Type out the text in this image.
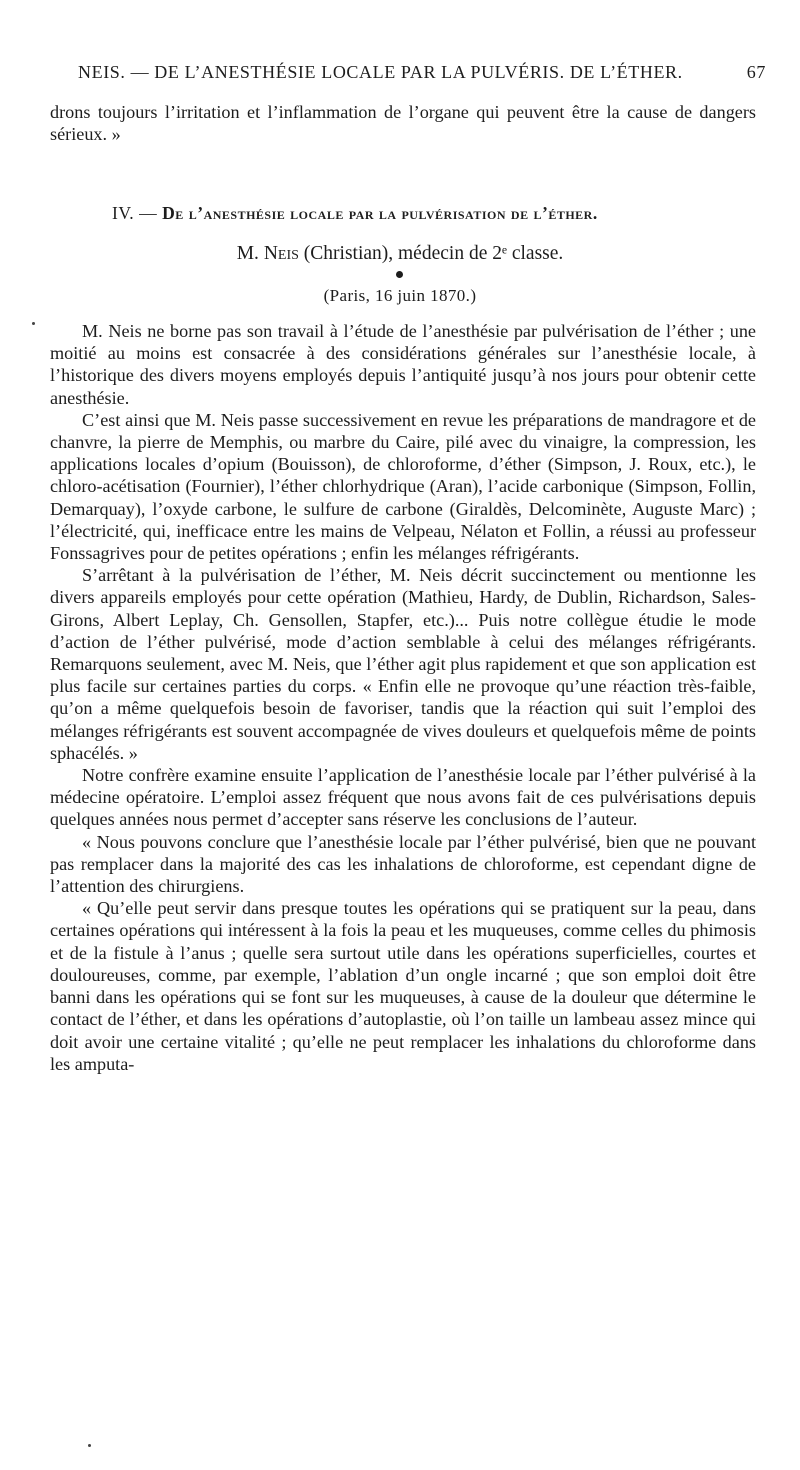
NEIS. — DE L’ANESTHÉSIE LOCALE PAR LA PULVÉRIS. DE L’ÉTHER.	67

drons toujours l’irritation et l’inflammation de l’organe qui peuvent être la cause de dangers sérieux. »

IV. — De l’anesthésie locale par la pulvérisation de l’éther.
M. Neis (Christian), médecin de 2ᵉ classe.
(Paris, 16 juin 1870.)

M. Neis ne borne pas son travail à l’étude de l’anesthésie par pulvérisation de l’éther ; une moitié au moins est consacrée à des considérations générales sur l’anesthésie locale, à l’historique des divers moyens employés depuis l’antiquité jusqu’à nos jours pour obtenir cette anesthésie.

C’est ainsi que M. Neis passe successivement en revue les préparations de mandragore et de chanvre, la pierre de Memphis, ou marbre du Caire, pilé avec du vinaigre, la compression, les applications locales d’opium (Bouisson), de chloroforme, d’éther (Simpson, J. Roux, etc.), le chloro-acétisation (Fournier), l’éther chlorhydrique (Aran), l’acide carbonique (Simpson, Follin, Demarquay), l’oxyde carbone, le sulfure de carbone (Giraldès, Delcominète, Auguste Marc) ; l’électricité, qui, inefficace entre les mains de Velpeau, Nélaton et Follin, a réussi au professeur Fonssagrives pour de petites opérations ; enfin les mélanges réfrigérants.

S’arrêtant à la pulvérisation de l’éther, M. Neis décrit succinctement ou mentionne les divers appareils employés pour cette opération (Mathieu, Hardy, de Dublin, Richardson, Sales-Girons, Albert Leplay, Ch. Gensollen, Stapfer, etc.)... Puis notre collègue étudie le mode d’action de l’éther pulvérisé, mode d’action semblable à celui des mélanges réfrigérants. Remarquons seulement, avec M. Neis, que l’éther agit plus rapidement et que son application est plus facile sur certaines parties du corps. « Enfin elle ne provoque qu’une réaction très-faible, qu’on a même quelquefois besoin de favoriser, tandis que la réaction qui suit l’emploi des mélanges réfrigérants est souvent accompagnée de vives douleurs et quelquefois même de points sphacélés. »

Notre confrère examine ensuite l’application de l’anesthésie locale par l’éther pulvérisé à la médecine opératoire. L’emploi assez fréquent que nous avons fait de ces pulvérisations depuis quelques années nous permet d’accepter sans réserve les conclusions de l’auteur.

« Nous pouvons conclure que l’anesthésie locale par l’éther pulvérisé, bien que ne pouvant pas remplacer dans la majorité des cas les inhalations de chloroforme, est cependant digne de l’attention des chirurgiens.

« Qu’elle peut servir dans presque toutes les opérations qui se pratiquent sur la peau, dans certaines opérations qui intéressent à la fois la peau et les muqueuses, comme celles du phimosis et de la fistule à l’anus ; quelle sera surtout utile dans les opérations superficielles, courtes et douloureuses, comme, par exemple, l’ablation d’un ongle incarné ; que son emploi doit être banni dans les opérations qui se font sur les muqueuses, à cause de la douleur que détermine le contact de l’éther, et dans les opérations d’autoplastie, où l’on taille un lambeau assez mince qui doit avoir une certaine vitalité ; qu’elle ne peut remplacer les inhalations du chloroforme dans les amputa-
